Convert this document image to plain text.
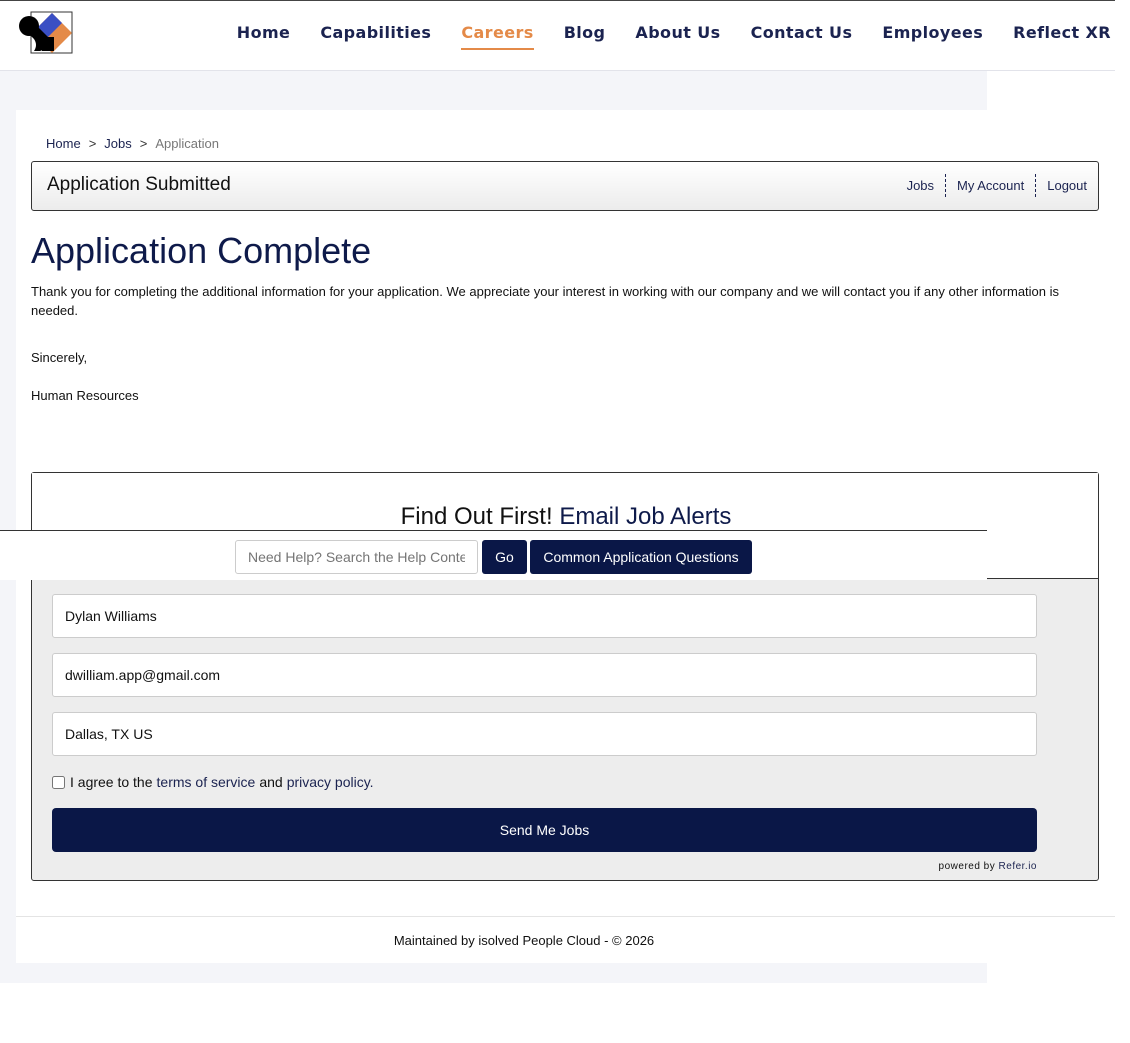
Home Capabilities Careers Blog About Us Contact Us Employees Reflect XR
Home > Jobs > Application
Application Submitted	Jobs	My Account	Logout
Application Complete

Thank you for completing the additional information for your application. We appreciate your interest in working with our company and we will contact you if any other information is needed.

Sincerely,
Human Resources
Find Out First! Email Job Alerts
Need Help? Search the Help Content
Go	Common Application Questions
Dylan Williams
dwilliam.app@gmail.com
Dallas, TX US
I agree to the terms of service and privacy policy.
Send Me Jobs
powered by Refer.io
Maintained by isolved People Cloud - © 2026
